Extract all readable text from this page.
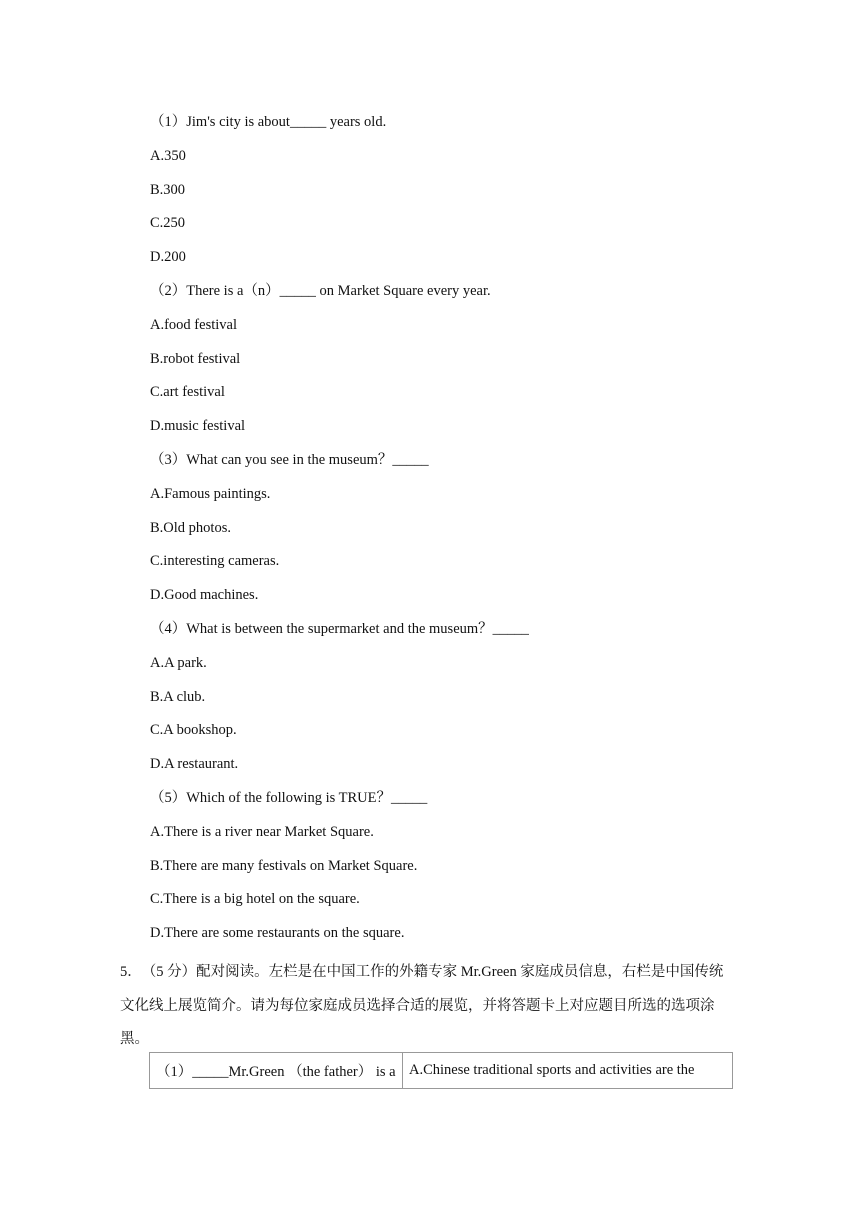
（1）Jim's city is about_____ years old.
A.350
B.300
C.250
D.200
（2）There is a（n）_____ on Market Square every year.
A.food festival
B.robot festival
C.art festival
D.music festival
（3）What can you see in the museum？_____
A.Famous paintings.
B.Old photos.
C.interesting cameras.
D.Good machines.
（4）What is between the supermarket and the museum？_____
A.A park.
B.A club.
C.A bookshop.
D.A restaurant.
（5）Which of the following is TRUE？_____
A.There is a river near Market Square.
B.There are many festivals on Market Square.
C.There is a big hotel on the square.
D.There are some restaurants on the square.
5．（5 分）配对阅读。左栏是在中国工作的外籍专家 Mr.Green 家庭成员信息，右栏是中国传统文化线上展览简介。请为每位家庭成员选择合适的展览，并将答题卡上对应题目所选的选项涂黑。
（1）_____Mr.Green （the father） is a	A.Chinese traditional sports and activities are the
